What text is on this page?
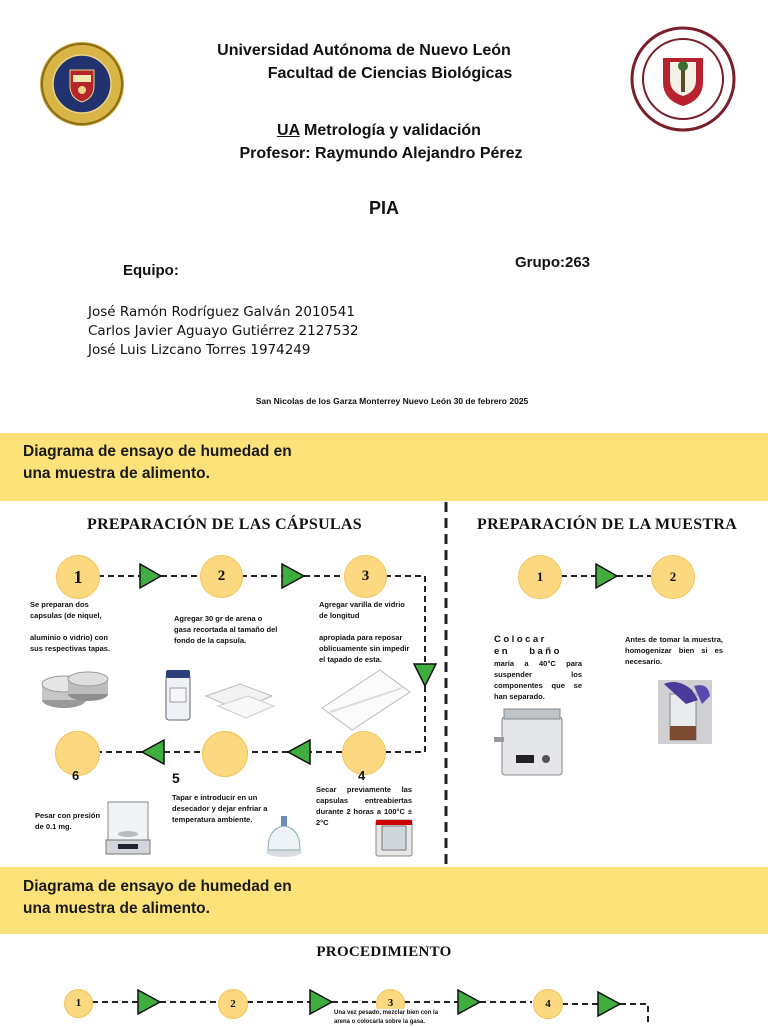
Universidad Autónoma de Nuevo León
Facultad de Ciencias Biológicas
UA Metrología y validación
Profesor: Raymundo Alejandro Pérez
PIA
Equipo:	Grupo:263
José Ramón Rodríguez Galván 2010541
Carlos Javier Aguayo Gutiérrez 2127532
José Luis Lizcano Torres 1974249
San Nicolas de los Garza Monterrey Nuevo León 30 de febrero 2025
Diagrama de ensayo de humedad en
una muestra de alimento.
PREPARACIÓN DE LAS CÁPSULAS	PREPARACIÓN DE LA MUESTRA
1	2	3
4
5
6
Se preparan dos capsulas (de niquel,
aluminio o vidrio) con sus respectivas tapas.
Agregar 30 gr de arena o gasa recortada al tamaño del fondo de la capsula.
Agregar varilla de vidrio de longitud
apropiada para reposar oblicuamente sin impedir el tapado de esta.
Secar previamente las capsulas entreabiertas durante 2 horas a 100°C ± 2°C
Tapar e introducir en un desecador y dejar enfriar a temperatura ambiente.
Pesar con presión de 0.1 mg.
1	2
Colocar en baño
maría a 40°C para suspender los componentes que se han separado.
Antes de tomar la muestra, homogenizar bien si es necesario.
Diagrama de ensayo de humedad en
una muestra de alimento.
PROCEDIMIENTO
1	2	3	4
Una vez pesado, mezclar bien con la arena o colocarla sobre la gasa.
